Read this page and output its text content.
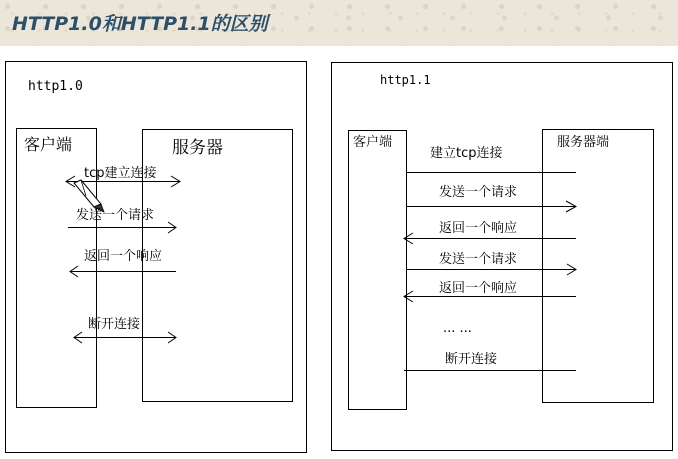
HTTP1.0和HTTP1.1的区别
http1.0
客户端	服务器
tcp建立连接
发送一个请求
返回一个响应
断开连接
http1.1
客户端	服务器端
建立tcp连接
发送一个请求
返回一个响应
发送一个请求
返回一个响应
... ...
断开连接
